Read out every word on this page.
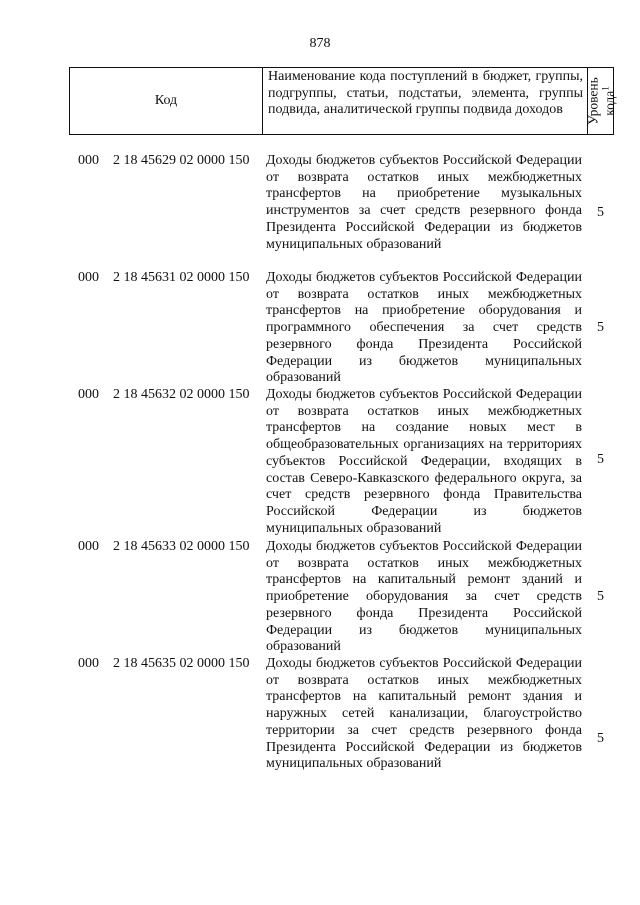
878
Код
Наименование кода поступлений в бюджет, группы, подгруппы, статьи, подстатьи, элемента, группы подвида, аналитической группы подвида доходов	Уровень кода$^1$
000 2 18 45629 02 0000 150 Доходы бюджетов субъектов Российской Федерации от возврата остатков иных межбюджетных трансфертов на приобретение музыкальных инструментов за счет средств резервного фонда Президента Российской Федерации из бюджетов муниципальных образований
5
000 2 18 45631 02 0000 150 Доходы бюджетов субъектов Российской Федерации от возврата остатков иных межбюджетных трансфертов на приобретение оборудования и программного обеспечения за счет средств резервного фонда Президента Российской Федерации из бюджетов муниципальных образований
5
000 2 18 45632 02 0000 150 Доходы бюджетов субъектов Российской Федерации от возврата остатков иных межбюджетных трансфертов на создание новых мест в общеобразовательных организациях на территориях субъектов Российской Федерации, входящих в состав Северо-Кавказского федерального округа, за счет средств резервного фонда Правительства Российской Федерации из бюджетов муниципальных образований
5
000 2 18 45633 02 0000 150 Доходы бюджетов субъектов Российской Федерации от возврата остатков иных межбюджетных трансфертов на капитальный ремонт зданий и приобретение оборудования за счет средств резервного фонда Президента Российской Федерации из бюджетов муниципальных образований
5
000 2 18 45635 02 0000 150 Доходы бюджетов субъектов Российской Федерации от возврата остатков иных межбюджетных трансфертов на капитальный ремонт здания и наружных сетей канализации, благоустройство территории за счет средств резервного фонда Президента Российской Федерации из бюджетов муниципальных образований
5
